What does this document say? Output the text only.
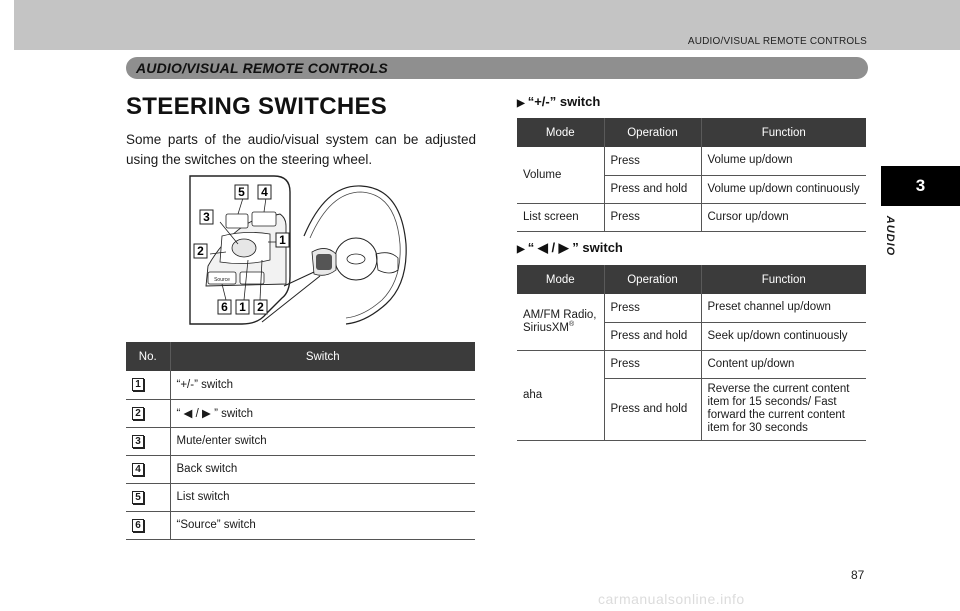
AUDIO/VISUAL REMOTE CONTROLS
AUDIO/VISUAL REMOTE CONTROLS
3
AUDIO
STEERING SWITCHES

Some parts of the audio/visual system can be adjusted using the switches on the steering wheel.

Source
5 4
3
2
1
6 1 2
No.	Switch
1	“+/-” switch
2	“ ◀ / ▶ ” switch
3	Mute/enter switch
4	Back switch
5	List switch
6	“Source” switch
▶ “+/-” switch
Mode	Operation	Function
Volume	Press	Volume up/down
	Press and hold	Volume up/down continuously
List screen	Press	Cursor up/down
▶ “ ◀ / ▶ ” switch
Mode	Operation	Function
AM/FM Radio, SiriusXM®	Press	Preset channel up/down
	Press and hold	Seek up/down continuously
aha	Press	Content up/down
	Press and hold	Reverse the current content item for 15 seconds/ Fast forward the current content item for 30 seconds
87
carmanualsonline.info
